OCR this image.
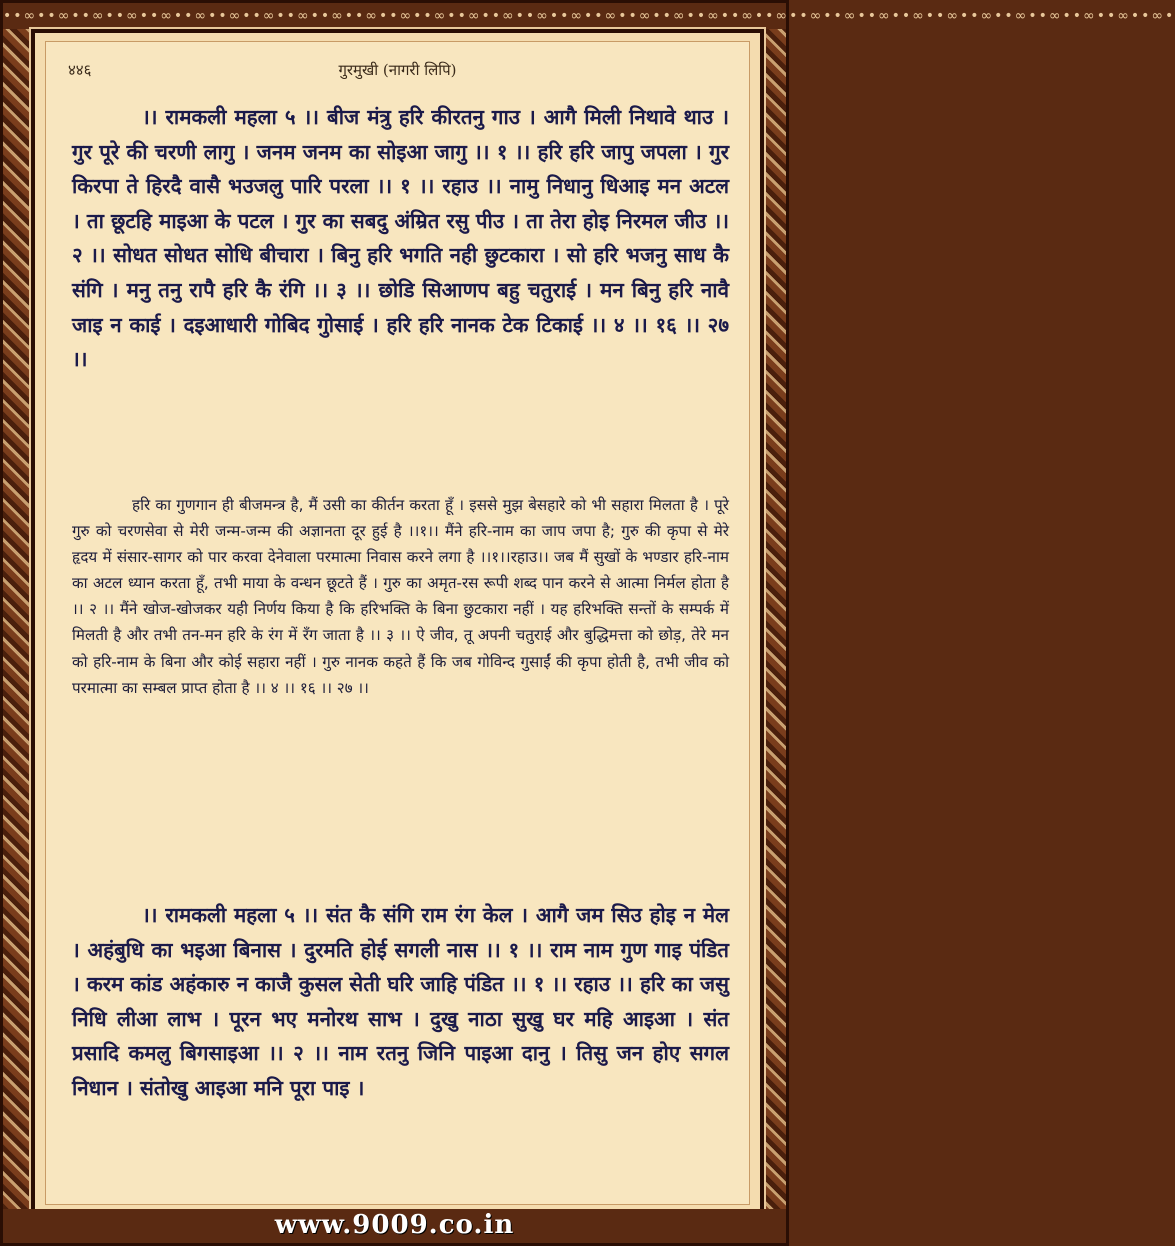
••∞••∞••∞••∞••∞••∞••∞••∞••∞••∞••∞••∞••∞••∞••∞••∞••∞••∞••∞••∞••∞••∞••∞••∞••∞••∞••∞••∞••∞••∞••∞••∞••∞••∞•
४४६	गुरमुखी (नागरी लिपि)

।। रामकली महला ५ ।। बीज मंत्रु हरि कीरतनु गाउ । आगै मिली निथावे थाउ । गुर पूरे की चरणी लागु । जनम जनम का सोइआ जागु ।। १ ।। हरि हरि जापु जपला । गुर किरपा ते हिरदै वासै भउजलु पारि परला ।। १ ।। रहाउ ।। नामु निधानु धिआइ मन अटल । ता छूटहि माइआ के पटल । गुर का सबदु अंम्रित रसु पीउ । ता तेरा होइ निरमल जीउ ।। २ ।। सोधत सोधत सोधि बीचारा । बिनु हरि भगति नही छुटकारा । सो हरि भजनु साध कै संगि । मनु तनु रापै हरि कै रंगि ।। ३ ।। छोडि सिआणप बहु चतुराई । मन बिनु हरि नावै जाइ न काई । दइआधारी गोबिद गुोसाई । हरि हरि नानक टेक टिकाई ।। ४ ।। १६ ।। २७ ।।

हरि का गुणगान ही बीजमन्त्र है, मैं उसी का कीर्तन करता हूँ । इससे मुझ बेसहारे को भी सहारा मिलता है । पूरे गुरु को चरणसेवा से मेरी जन्म-जन्म की अज्ञानता दूर हुई है ।।१।। मैंने हरि-नाम का जाप जपा है; गुरु की कृपा से मेरे हृदय में संसार-सागर को पार करवा देनेवाला परमात्मा निवास करने लगा है ।।१।।रहाउ।। जब मैं सुखों के भण्डार हरि-नाम का अटल ध्यान करता हूँ, तभी माया के वन्धन छूटते हैं । गुरु का अमृत-रस रूपी शब्द पान करने से आत्मा निर्मल होता है ।। २ ।। मैंने खोज-खोजकर यही निर्णय किया है कि हरिभक्ति के बिना छुटकारा नहीं । यह हरिभक्ति सन्तों के सम्पर्क में मिलती है और तभी तन-मन हरि के रंग में रँग जाता है ।। ३ ।। ऐ जीव, तू अपनी चतुराई और बुद्धिमत्ता को छोड़, तेरे मन को हरि-नाम के बिना और कोई सहारा नहीं । गुरु नानक कहते हैं कि जब गोविन्द गुसाईं की कृपा होती है, तभी जीव को परमात्मा का सम्बल प्राप्त होता है ।। ४ ।। १६ ।। २७ ।।

।। रामकली महला ५ ।। संत कै संगि राम रंग केल । आगै जम सिउ होइ न मेल । अहंबुधि का भइआ बिनास । दुरमति होई सगली नास ।। १ ।। राम नाम गुण गाइ पंडित । करम कांड अहंकारु न काजै कुसल सेती घरि जाहि पंडित ।। १ ।। रहाउ ।। हरि का जसु निधि लीआ लाभ । पूरन भए मनोरथ साभ । दुखु नाठा सुखु घर महि आइआ । संत प्रसादि कमलु बिगसाइआ ।। २ ।। नाम रतनु जिनि पाइआ दानु । तिसु जन होए सगल निधान । संतोखु आइआ मनि पूरा पाइ ।

www.9009.co.in
